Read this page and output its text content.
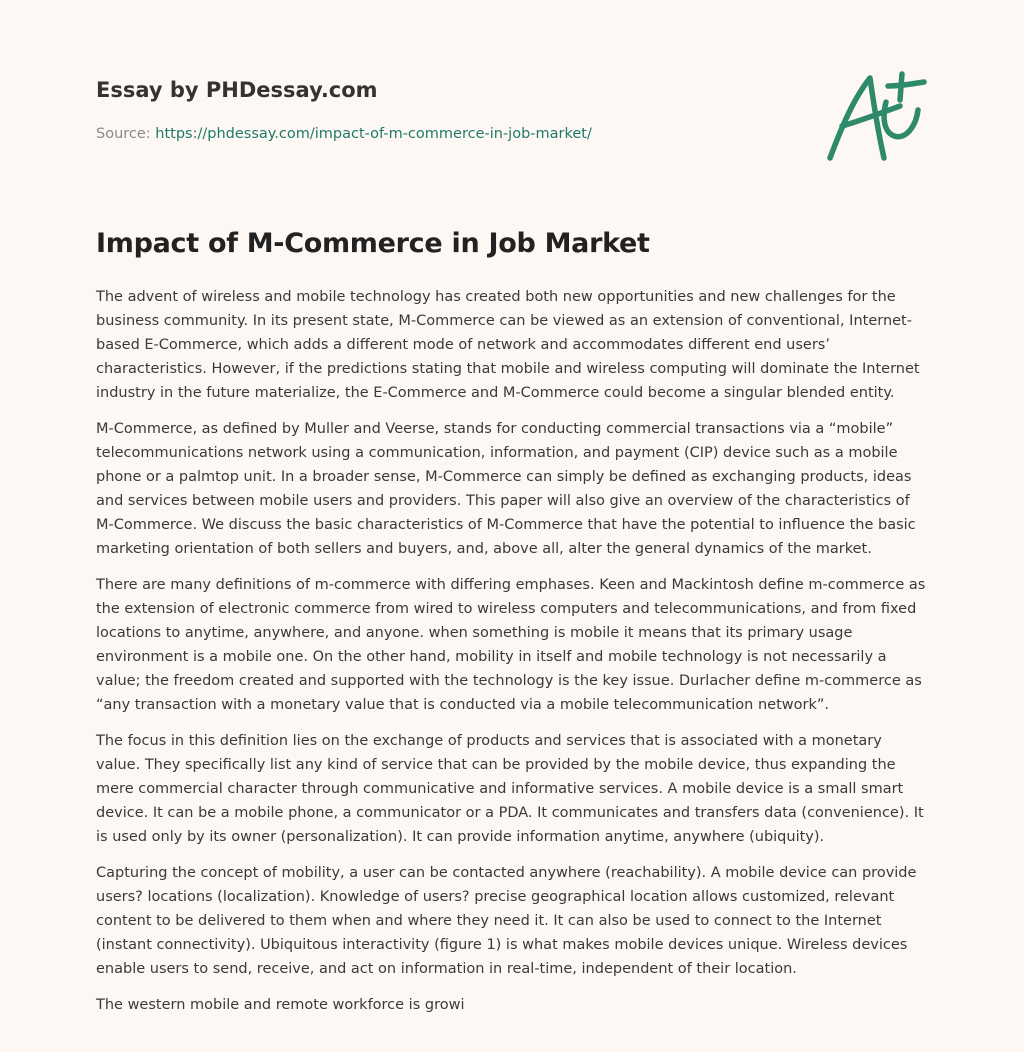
Essay by PHDessay.com
Source: https://phdessay.com/impact-of-m-commerce-in-job-market/
Impact of M-Commerce in Job Market

The advent of wireless and mobile technology has created both new opportunities and new challenges for the business community. In its present state, M-Commerce can be viewed as an extension of conventional, Internet-based E-Commerce, which adds a different mode of network and accommodates different end users’ characteristics. However, if the predictions stating that mobile and wireless computing will dominate the Internet industry in the future materialize, the E-Commerce and M-Commerce could become a singular blended entity.

M-Commerce, as defined by Muller and Veerse, stands for conducting commercial transactions via a “mobile” telecommunications network using a communication, information, and payment (CIP) device such as a mobile phone or a palmtop unit. In a broader sense, M-Commerce can simply be defined as exchanging products, ideas and services between mobile users and providers. This paper will also give an overview of the characteristics of M-Commerce. We discuss the basic characteristics of M-Commerce that have the potential to influence the basic marketing orientation of both sellers and buyers, and, above all, alter the general dynamics of the market.

There are many definitions of m-commerce with differing emphases. Keen and Mackintosh define m-commerce as the extension of electronic commerce from wired to wireless computers and telecommunications, and from fixed locations to anytime, anywhere, and anyone. when something is mobile it means that its primary usage environment is a mobile one. On the other hand, mobility in itself and mobile technology is not necessarily a value; the freedom created and supported with the technology is the key issue. Durlacher define m-commerce as “any transaction with a monetary value that is conducted via a mobile telecommunication network”.

The focus in this definition lies on the exchange of products and services that is associated with a monetary value. They specifically list any kind of service that can be provided by the mobile device, thus expanding the mere commercial character through communicative and informative services. A mobile device is a small smart device. It can be a mobile phone, a communicator or a PDA. It communicates and transfers data (convenience). It is used only by its owner (personalization). It can provide information anytime, anywhere (ubiquity).

Capturing the concept of mobility, a user can be contacted anywhere (reachability). A mobile device can provide users? locations (localization). Knowledge of users? precise geographical location allows customized, relevant content to be delivered to them when and where they need it. It can also be used to connect to the Internet (instant connectivity). Ubiquitous interactivity (figure 1) is what makes mobile devices unique. Wireless devices enable users to send, receive, and act on information in real-time, independent of their location.

The western mobile and remote workforce is growi
